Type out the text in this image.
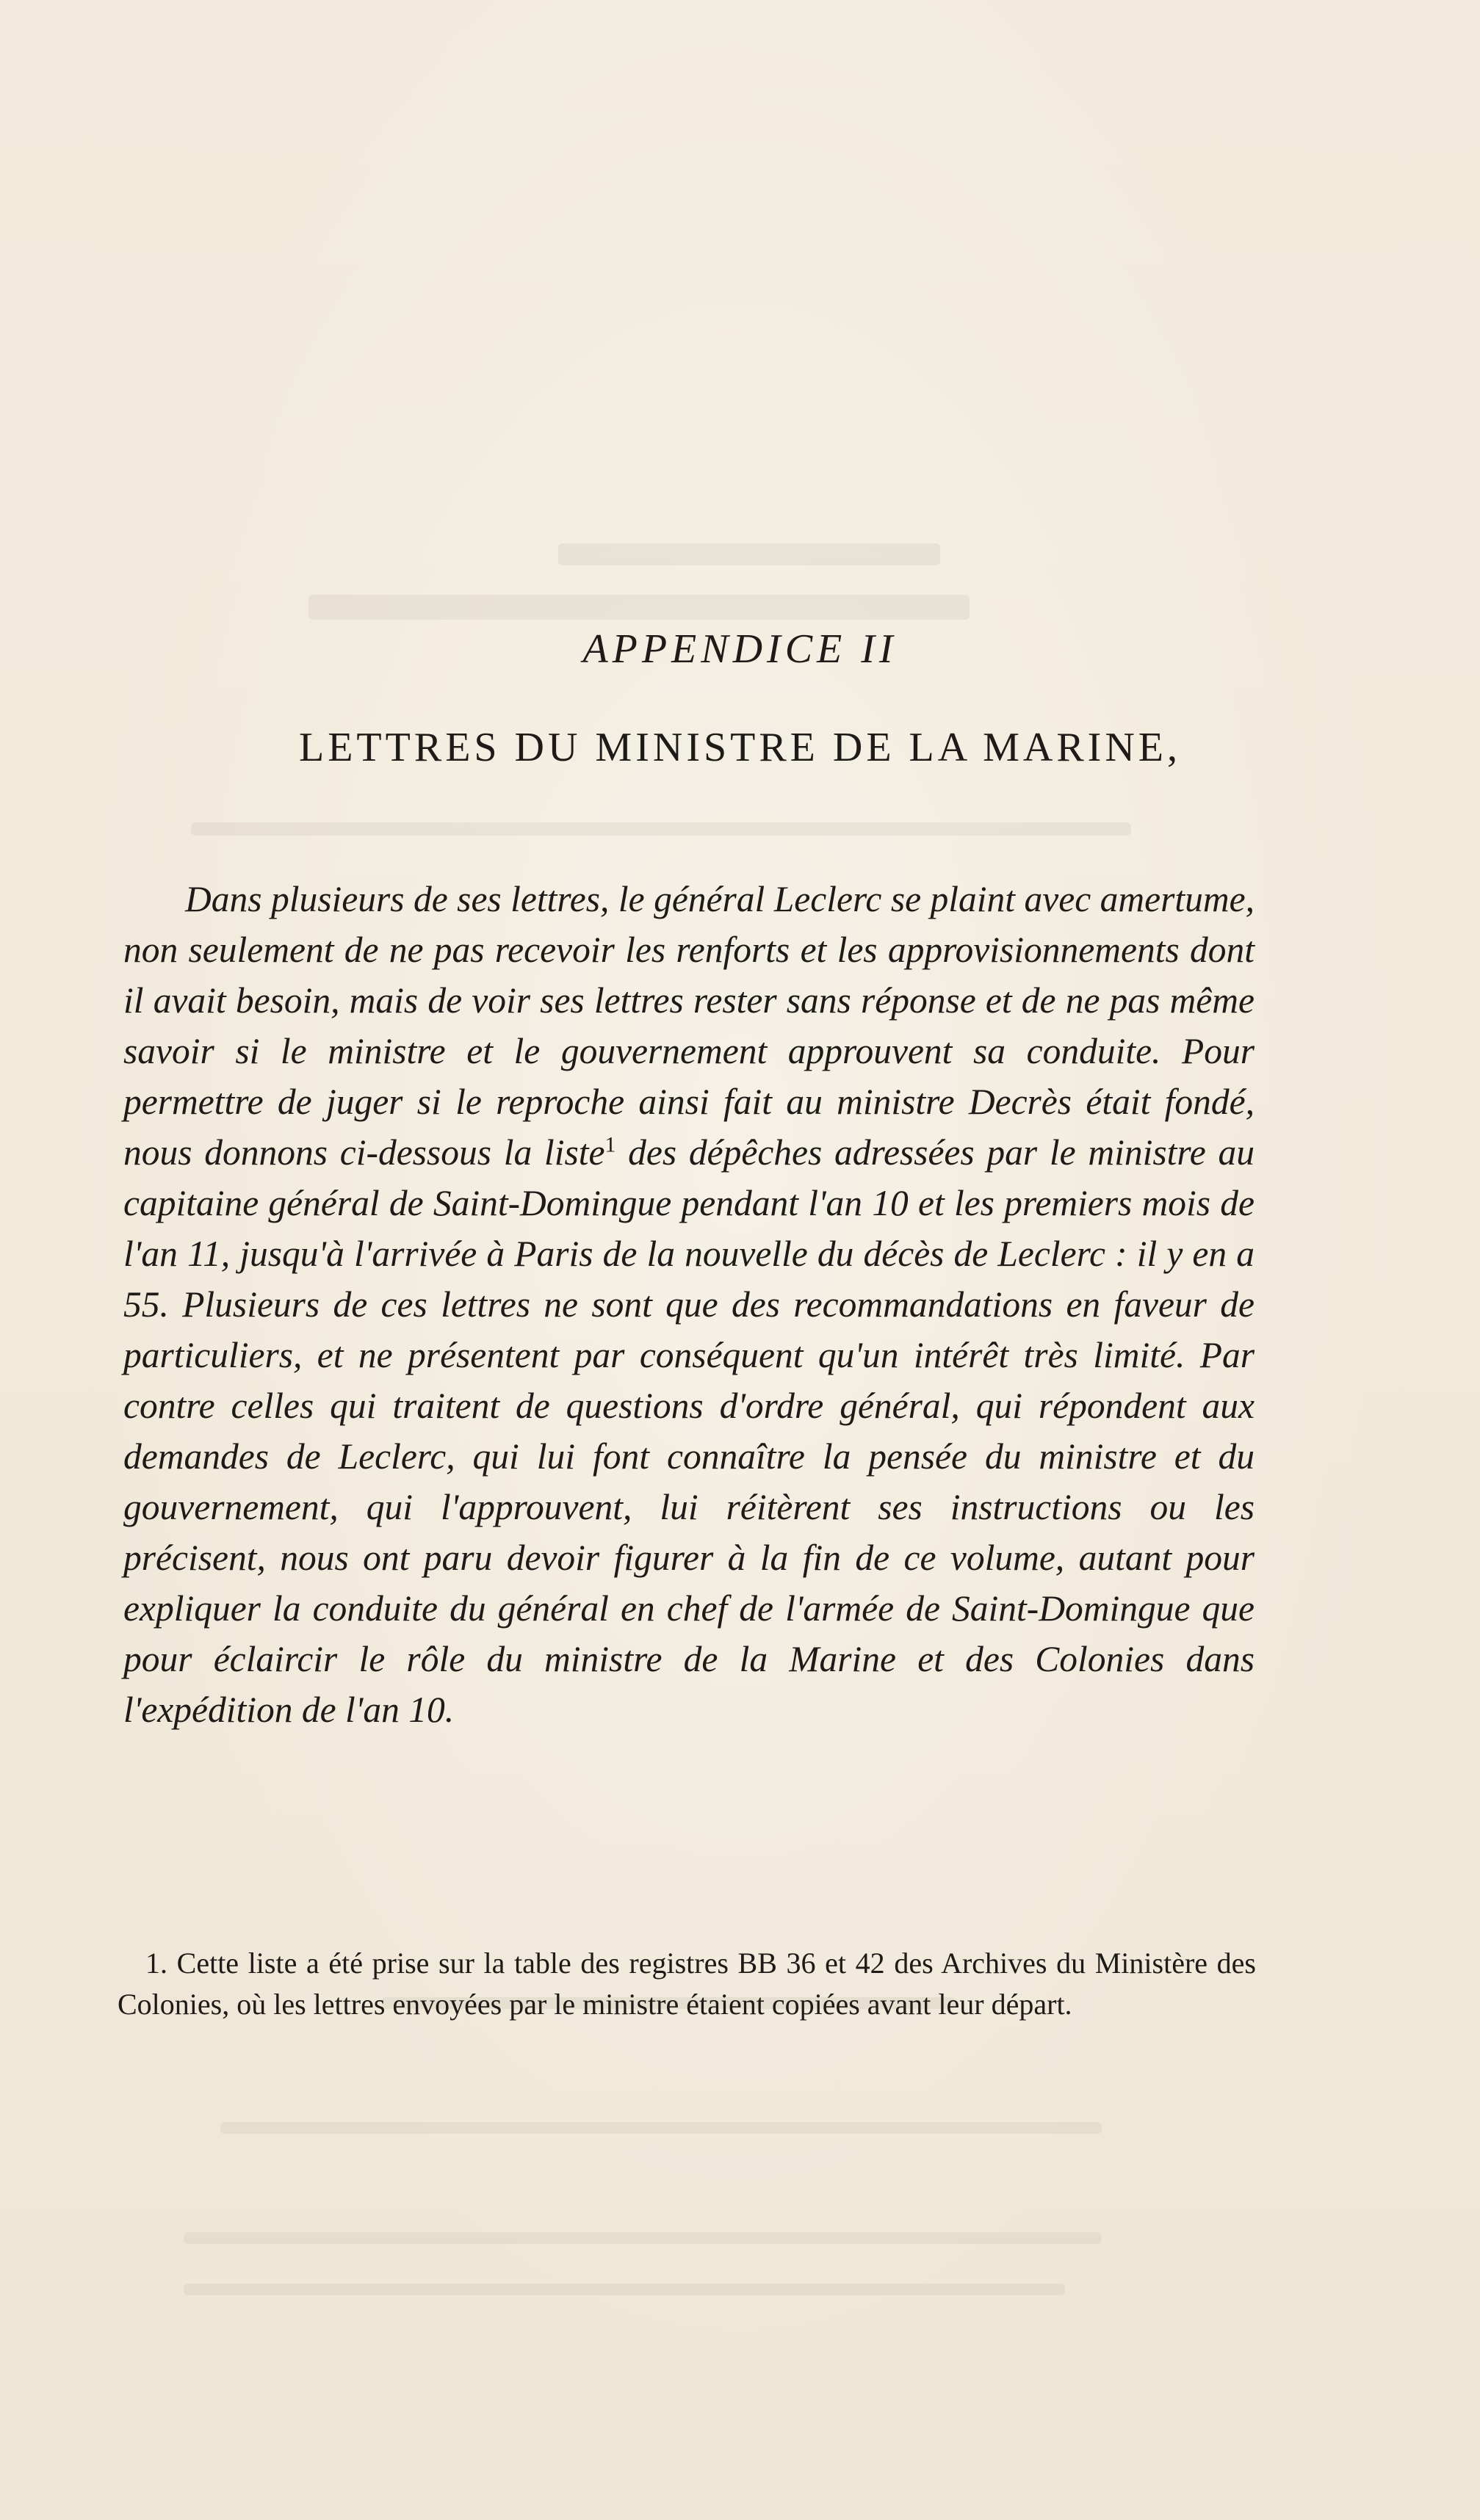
APPENDICE II
LETTRES DU MINISTRE DE LA MARINE,

Dans plusieurs de ses lettres, le général Leclerc se plaint avec amertume, non seulement de ne pas recevoir les renforts et les approvisionnements dont il avait besoin, mais de voir ses lettres rester sans réponse et de ne pas même savoir si le ministre et le gouvernement approuvent sa conduite. Pour permettre de juger si le reproche ainsi fait au ministre Decrès était fondé, nous donnons ci-dessous la liste$^1$ des dépêches adressées par le ministre au capitaine général de Saint-Domingue pendant l'an 10 et les premiers mois de l'an 11, jusqu'à l'arrivée à Paris de la nouvelle du décès de Leclerc : il y en a 55. Plusieurs de ces lettres ne sont que des recommandations en faveur de particuliers, et ne présentent par conséquent qu'un intérêt très limité. Par contre celles qui traitent de questions d'ordre général, qui répondent aux demandes de Leclerc, qui lui font connaître la pensée du ministre et du gouvernement, qui l'approuvent, lui réitèrent ses instructions ou les précisent, nous ont paru devoir figurer à la fin de ce volume, autant pour expliquer la conduite du général en chef de l'armée de Saint-Domingue que pour éclaircir le rôle du ministre de la Marine et des Colonies dans l'expédition de l'an 10.

1. Cette liste a été prise sur la table des registres BB 36 et 42 des Archives du Ministère des Colonies, où les lettres envoyées par le ministre étaient copiées avant leur départ.
